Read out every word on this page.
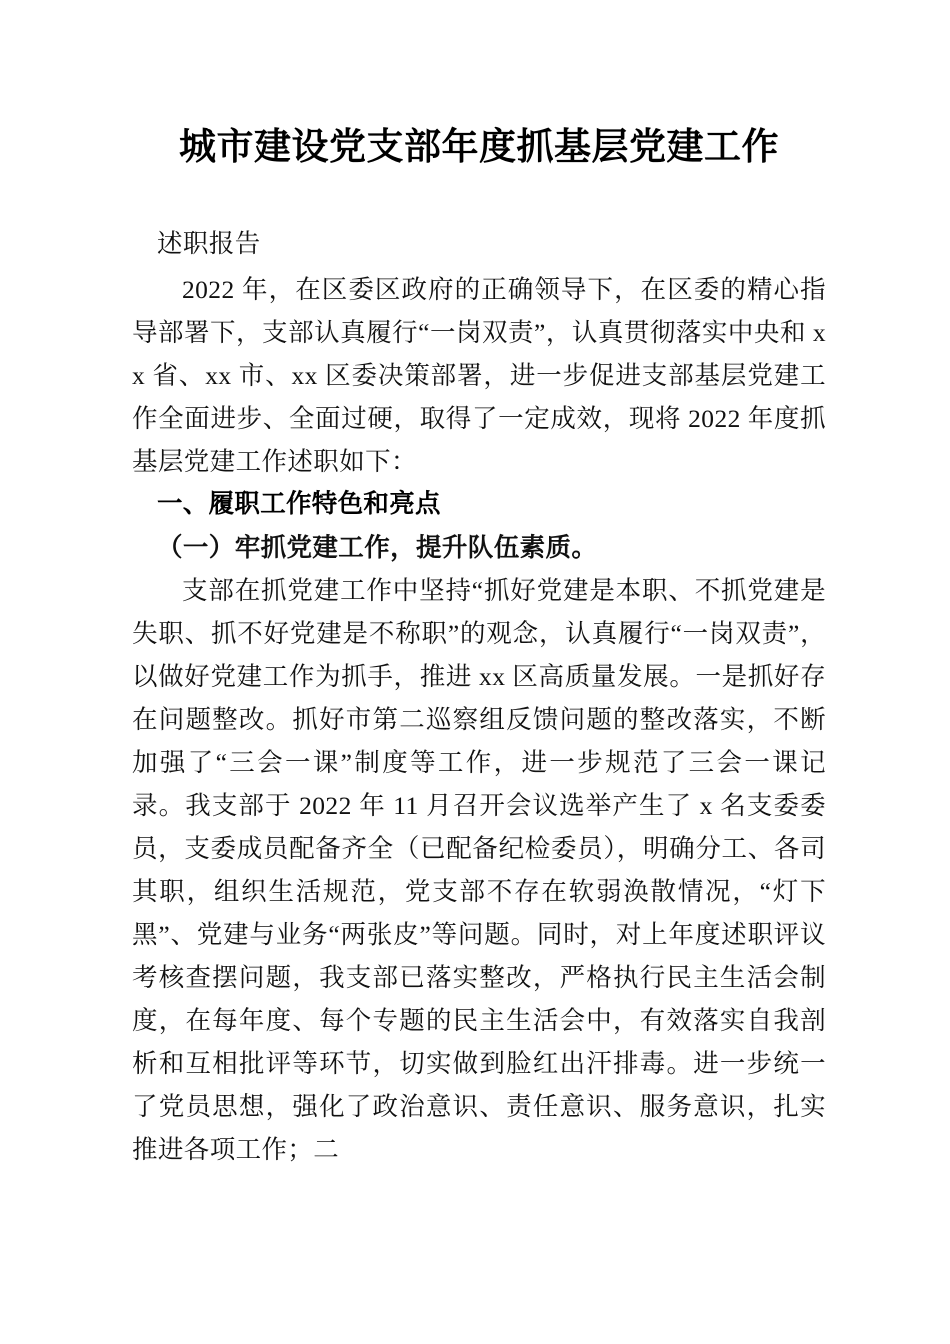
城市建设党支部年度抓基层党建工作

述职报告

2022 年，在区委区政府的正确领导下，在区委的精心指导部署下，支部认真履行“一岗双责”，认真贯彻落实中央和 xx 省、xx 市、xx 区委决策部署，进一步促进支部基层党建工作全面进步、全面过硬，取得了一定成效，现将 2022 年度抓基层党建工作述职如下：

一、履职工作特色和亮点
（一）牢抓党建工作，提升队伍素质。

支部在抓党建工作中坚持“抓好党建是本职、不抓党建是失职、抓不好党建是不称职”的观念，认真履行“一岗双责”，以做好党建工作为抓手，推进 xx 区高质量发展。一是抓好存在问题整改。抓好市第二巡察组反馈问题的整改落实，不断加强了“三会一课”制度等工作，进一步规范了三会一课记录。我支部于 2022 年 11 月召开会议选举产生了 x 名支委委员，支委成员配备齐全（已配备纪检委员），明确分工、各司其职，组织生活规范，党支部不存在软弱涣散情况，“灯下黑”、党建与业务“两张皮”等问题。同时，对上年度述职评议考核查摆问题，我支部已落实整改，严格执行民主生活会制度，在每年度、每个专题的民主生活会中，有效落实自我剖析和互相批评等环节，切实做到脸红出汗排毒。进一步统一了党员思想，强化了政治意识、责任意识、服务意识，扎实推进各项工作；二
